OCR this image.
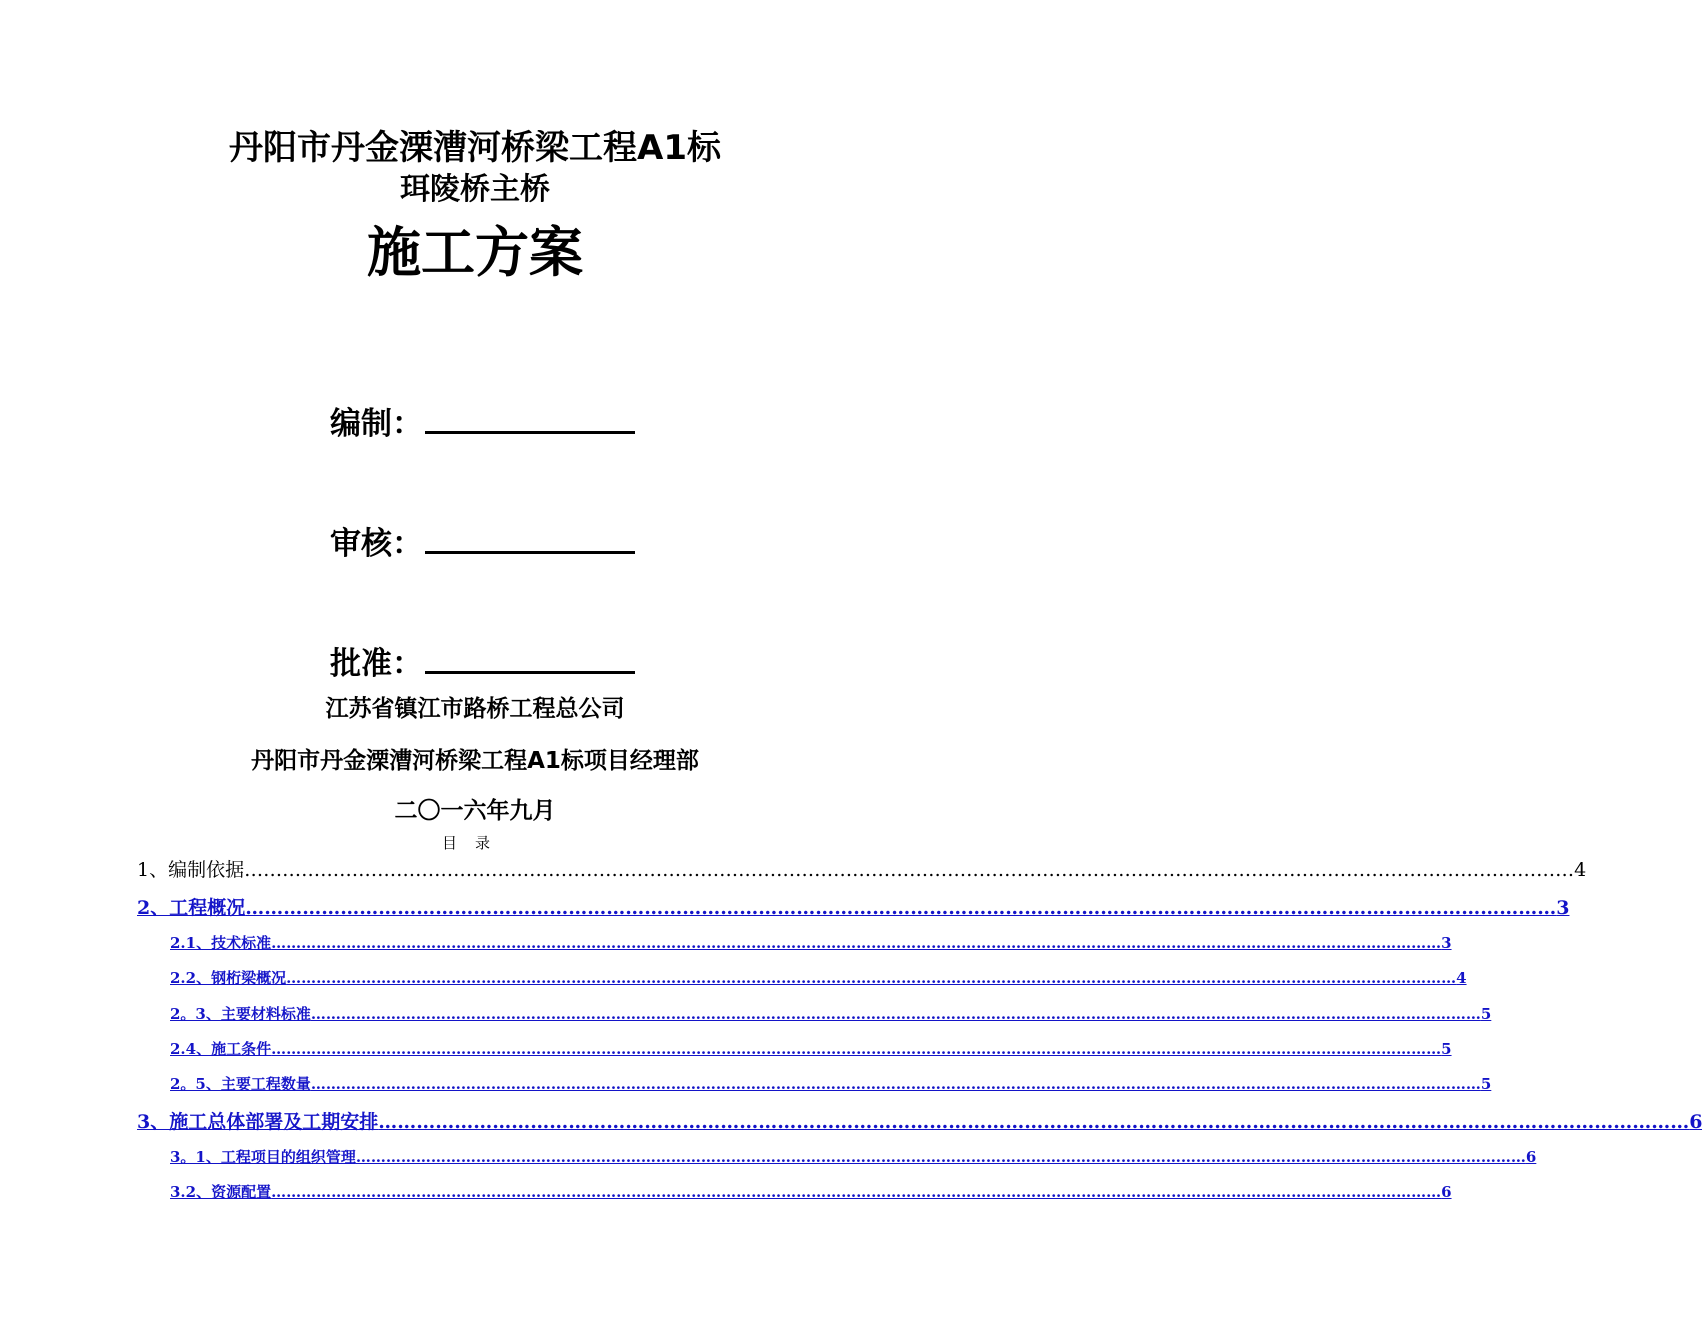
丹阳市丹金溧漕河桥梁工程A1标
珥陵桥主桥
施工方案
编制：
审核：
批准：
江苏省镇江市路桥工程总公司
丹阳市丹金溧漕河桥梁工程A1标项目经理部
二〇一六年九月
目录
1、编制依据 ………………………………………………………………………………………………………………………………………………………………………………………… 4
2、工程概况 ……………………………………………………………………………………………………………………………………………………………………………………… 3
2.1、技术标准 ……………………………………………………………………………………………………………………………………………………………………………………………………………… 3
2.2、钢桁梁概况 ……………………………………………………………………………………………………………………………………………………………………………………………………………… 4
2。3、主要材料标准 ……………………………………………………………………………………………………………………………………………………………………………………………………………… 5
2.4、施工条件 ……………………………………………………………………………………………………………………………………………………………………………………………………………… 5
2。5、主要工程数量 ……………………………………………………………………………………………………………………………………………………………………………………………………………… 5
3、施工总体部署及工期安排 ……………………………………………………………………………………………………………………………………………………………………………………… 6
3。1、工程项目的组织管理 ……………………………………………………………………………………………………………………………………………………………………………………………………………… 6
3.2、资源配置 ……………………………………………………………………………………………………………………………………………………………………………………………………………… 6
